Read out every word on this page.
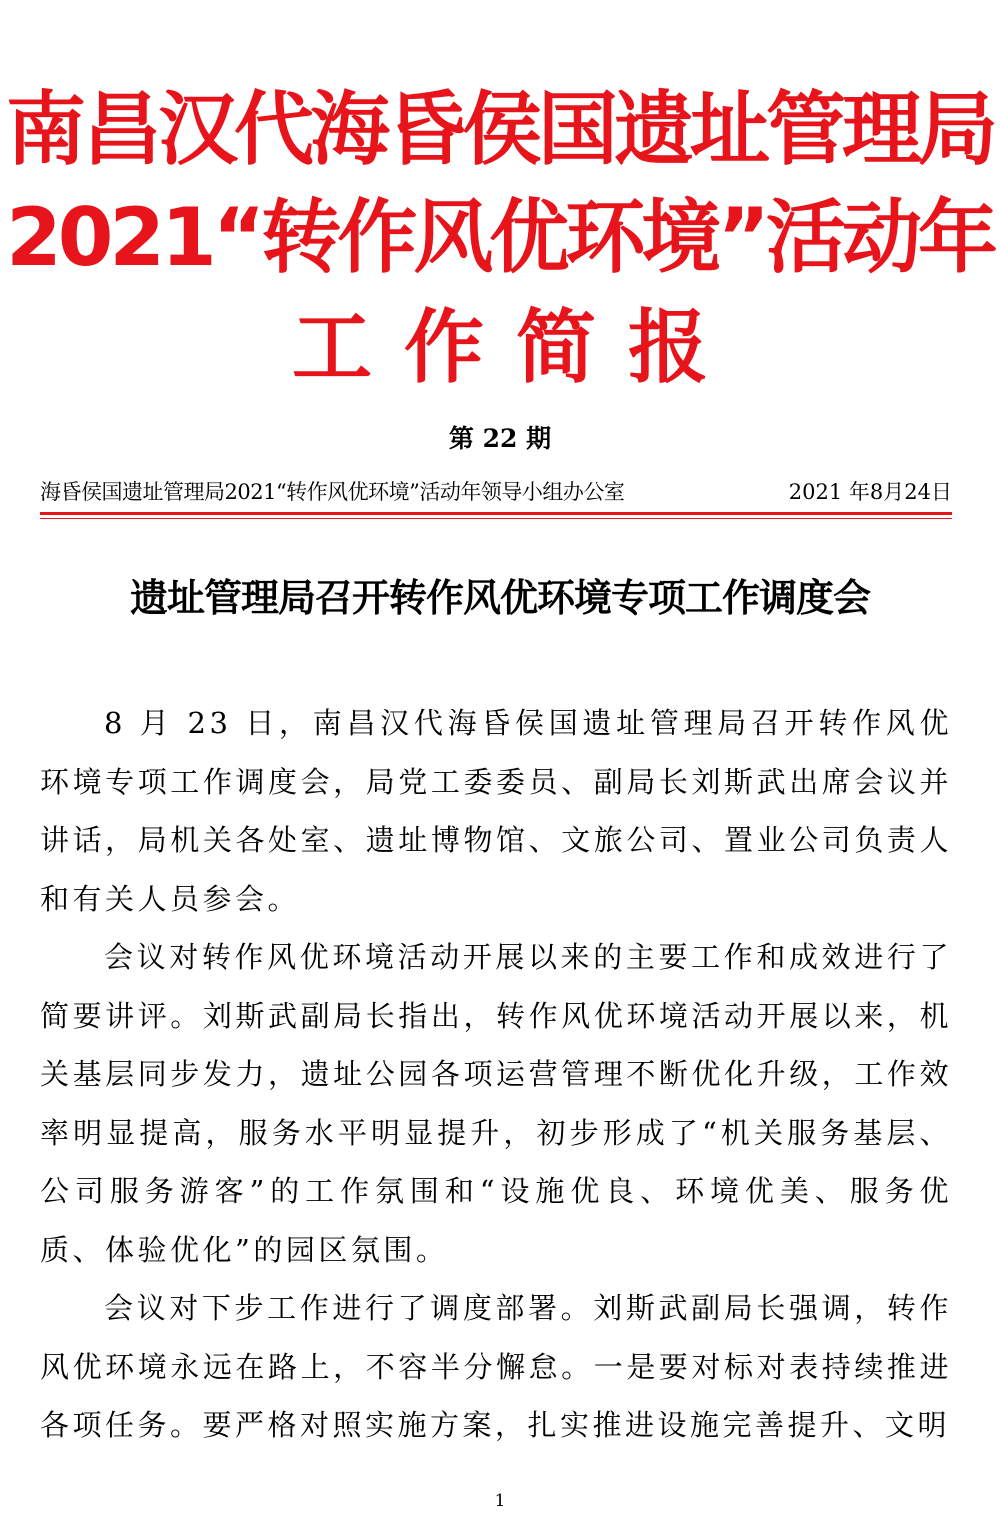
南昌汉代海昏侯国遗址管理局
2021“转作风优环境”活动年
工作简报
第 22 期
海昏侯国遗址管理局2021“转作风优环境”活动年领导小组办公室	2021 年8月24日
遗址管理局召开转作风优环境专项工作调度会

8 月 23 日，南昌汉代海昏侯国遗址管理局召开转作风优环境专项工作调度会，局党工委委员、副局长刘斯武出席会议并讲话，局机关各处室、遗址博物馆、文旅公司、置业公司负责人和有关人员参会。

会议对转作风优环境活动开展以来的主要工作和成效进行了简要讲评。刘斯武副局长指出，转作风优环境活动开展以来，机关基层同步发力，遗址公园各项运营管理不断优化升级，工作效率明显提高，服务水平明显提升，初步形成了“机关服务基层、公司服务游客”的工作氛围和“设施优良、环境优美、服务优质、体验优化”的园区氛围。

会议对下步工作进行了调度部署。刘斯武副局长强调，转作风优环境永远在路上，不容半分懈怠。一是要对标对表持续推进各项任务。要严格对照实施方案，扎实推进设施完善提升、文明

1
